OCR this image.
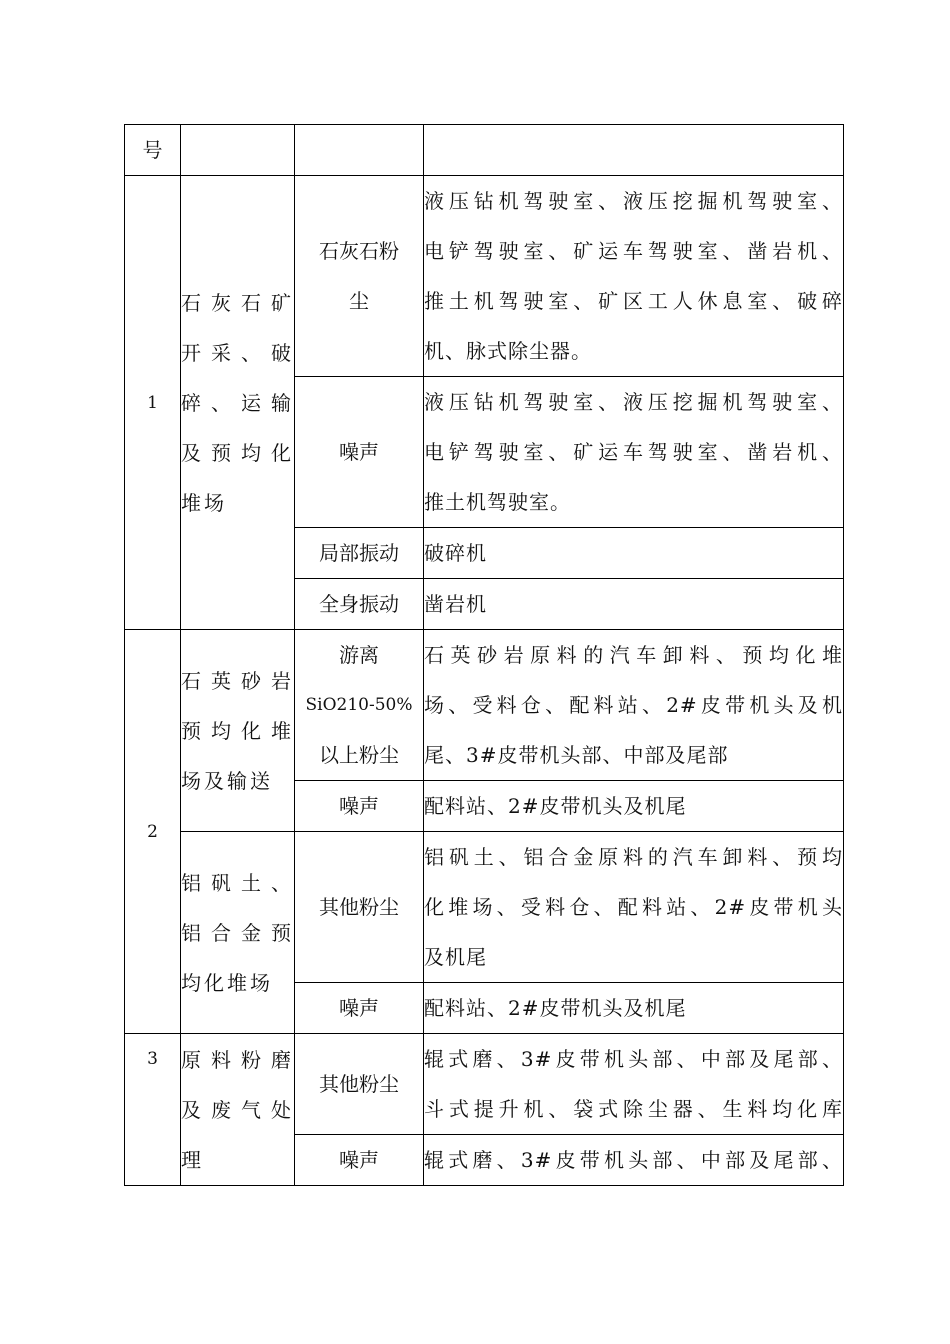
号			

1	石灰石矿
开采、破
碎、运输
及预均化
堆场	石灰石粉
尘	液压钻机驾驶室、液压挖掘机驾驶室、
电铲驾驶室、矿运车驾驶室、凿岩机、
推土机驾驶室、矿区工人休息室、破碎
机、脉式除尘器。

		噪声	液压钻机驾驶室、液压挖掘机驾驶室、
电铲驾驶室、矿运车驾驶室、凿岩机、
推土机驾驶室。

		局部振动	破碎机

		全身振动	凿岩机

2	石英砂岩
预均化堆
场及输送	游离
SiO210-50%
以上粉尘	石英砂岩原料的汽车卸料、预均化堆
场、受料仓、配料站、2#皮带机头及机
尾、3#皮带机头部、中部及尾部

		噪声	配料站、2#皮带机头及机尾

	铝矾土、
铝合金预
均化堆场	其他粉尘	铝矾土、铝合金原料的汽车卸料、预均
化堆场、受料仓、配料站、2#皮带机头
及机尾

		噪声	配料站、2#皮带机头及机尾

3	原料粉磨
及废气处
理	其他粉尘	辊式磨、3#皮带机头部、中部及尾部、
斗式提升机、袋式除尘器、生料均化库

		噪声	辊式磨、3#皮带机头部、中部及尾部、
